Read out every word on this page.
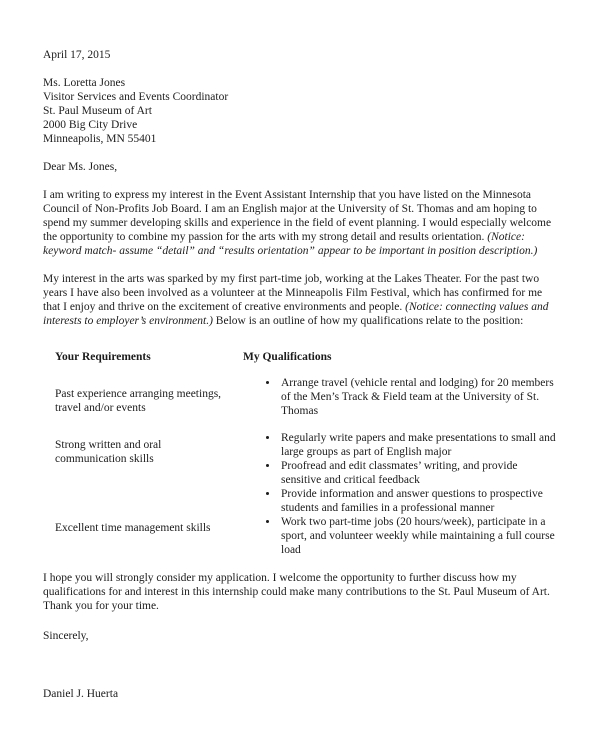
April 17, 2015

Ms. Loretta Jones
Visitor Services and Events Coordinator
St. Paul Museum of Art
2000 Big City Drive
Minneapolis, MN 55401

Dear Ms. Jones,

I am writing to express my interest in the Event Assistant Internship that you have listed on the Minnesota Council of Non-Profits Job Board. I am an English major at the University of St. Thomas and am hoping to spend my summer developing skills and experience in the field of event planning. I would especially welcome the opportunity to combine my passion for the arts with my strong detail and results orientation. (Notice: keyword match- assume “detail” and “results orientation” appear to be important in position description.)

My interest in the arts was sparked by my first part-time job, working at the Lakes Theater. For the past two years I have also been involved as a volunteer at the Minneapolis Film Festival, which has confirmed for me that I enjoy and thrive on the excitement of creative environments and people. (Notice: connecting values and interests to employer’s environment.) Below is an outline of how my qualifications relate to the position:

Your Requirements	My Qualifications
Past experience arranging meetings, travel and/or events
• Arrange travel (vehicle rental and lodging) for 20 members of the Men’s Track & Field team at the University of St. Thomas
Strong written and oral communication skills
• Regularly write papers and make presentations to small and large groups as part of English major
• Proofread and edit classmates’ writing, and provide sensitive and critical feedback
• Provide information and answer questions to prospective students and families in a professional manner
Excellent time management skills	• Work two part-time jobs (20 hours/week), participate in a sport, and volunteer weekly while maintaining a full course load

I hope you will strongly consider my application. I welcome the opportunity to further discuss how my qualifications for and interest in this internship could make many contributions to the St. Paul Museum of Art. Thank you for your time.

Sincerely,

Daniel J. Huerta
